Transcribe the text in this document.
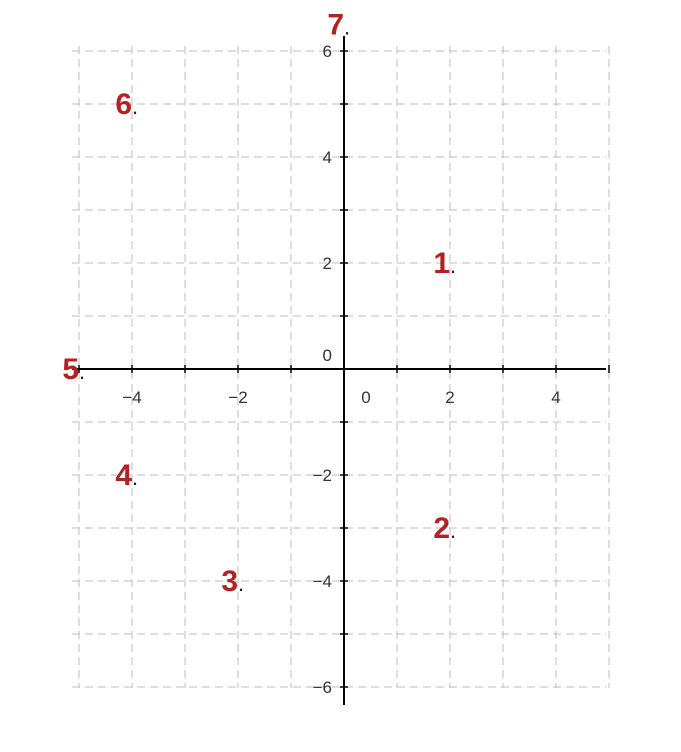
−4	−2	0	2	4
6
4
2
0
−2
−4
−6
1 .
2 .
3 .
4 .
5 .
6 .
7 .
